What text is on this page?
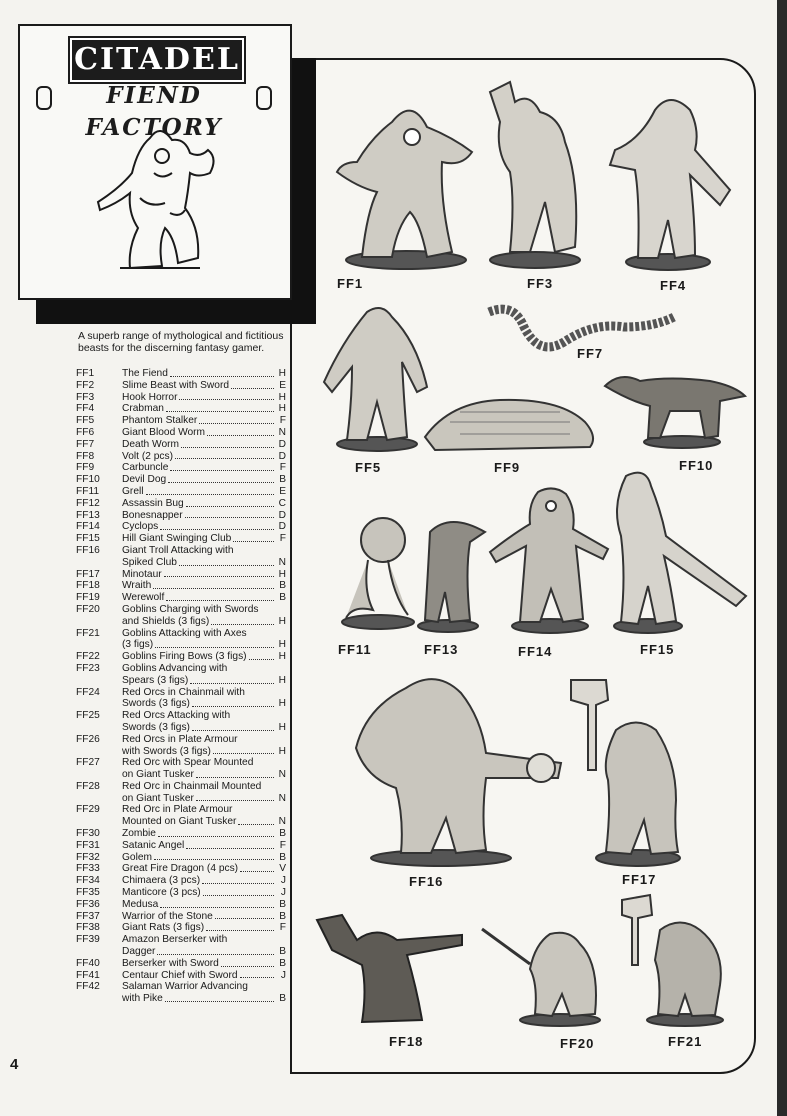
CITADEL
FIEND FACTORY
A superb range of mythological and fictitious beasts for the discerning fantasy gamer.
FF1	The Fiend	H
FF2	Slime Beast with Sword	E
FF3	Hook Horror	H
FF4	Crabman	H
FF5	Phantom Stalker	F
FF6	Giant Blood Worm	N
FF7	Death Worm	D
FF8	Volt (2 pcs)	D
FF9	Carbuncle	F
FF10	Devil Dog	B
FF11	Grell	E
FF12	Assassin Bug	C
FF13	Bonesnapper	D
FF14	Cyclops	D
FF15	Hill Giant Swinging Club	F
FF16	Giant Troll Attacking with
Spiked Club	N
FF17	Minotaur	H
FF18	Wraith	B
FF19	Werewolf	B
FF20	Goblins Charging with Swords
and Shields (3 figs)	H
FF21	Goblins Attacking with Axes
(3 figs)	H
FF22	Goblins Firing Bows (3 figs)	H
FF23	Goblins Advancing with
Spears (3 figs)	H
FF24	Red Orcs in Chainmail with
Swords (3 figs)	H
FF25	Red Orcs Attacking with
Swords (3 figs)	H
FF26	Red Orcs in Plate Armour
with Swords (3 figs)	H
FF27	Red Orc with Spear Mounted
on Giant Tusker	N
FF28	Red Orc in Chainmail Mounted
on Giant Tusker	N
FF29	Red Orc in Plate Armour
Mounted on Giant Tusker	N
FF30	Zombie	B
FF31	Satanic Angel	F
FF32	Golem	B
FF33	Great Fire Dragon (4 pcs)	V
FF34	Chimaera (3 pcs)	J
FF35	Manticore (3 pcs)	J
FF36	Medusa	B
FF37	Warrior of the Stone	B
FF38	Giant Rats (3 figs)	F
FF39	Amazon Berserker with
Dagger	B
FF40	Berserker with Sword	B
FF41	Centaur Chief with Sword	J
FF42	Salaman Warrior Advancing
with Pike	B
FF1	FF3	FF4
FF7
FF5	FF9	FF10
FF11	FF13	FF14	FF15
FF16	FF17
FF18	FF20	FF21
4
